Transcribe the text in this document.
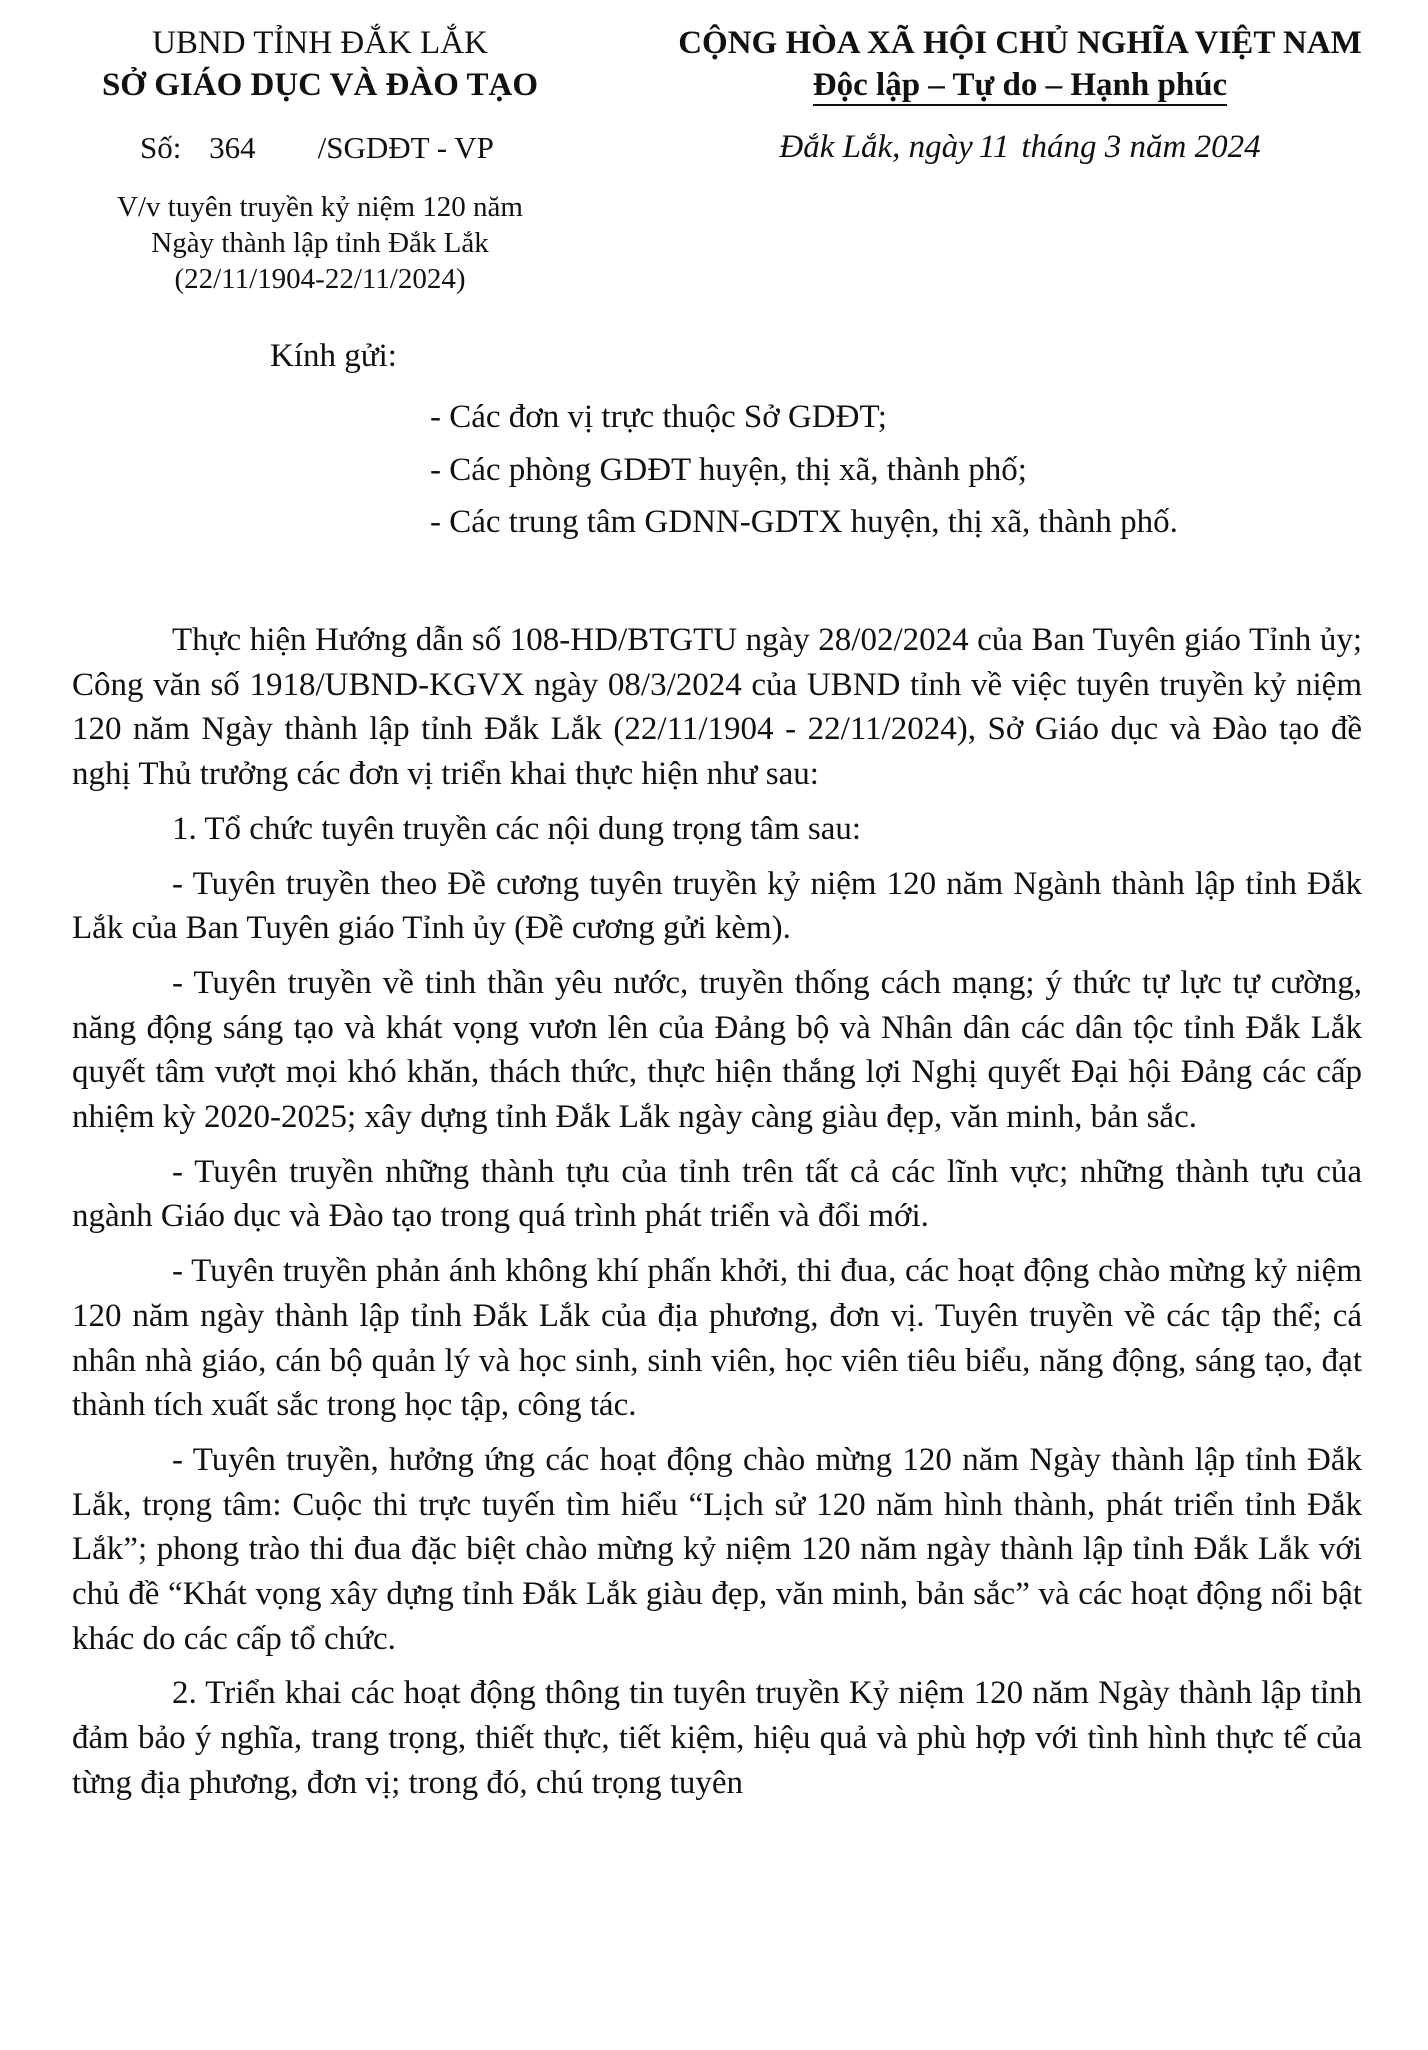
UBND TỈNH ĐẮK LẮK
SỞ GIÁO DỤC VÀ ĐÀO TẠO
Số: 364 /SGDĐT - VP
V/v tuyên truyền kỷ niệm 120 năm
Ngày thành lập tỉnh Đắk Lắk
(22/11/1904-22/11/2024)
CỘNG HÒA XÃ HỘI CHỦ NGHĨA VIỆT NAM
Độc lập – Tự do – Hạnh phúc
Đắk Lắk, ngày 11 tháng 3 năm 2024
Kính gửi:
- Các đơn vị trực thuộc Sở GDĐT;
- Các phòng GDĐT huyện, thị xã, thành phố;
- Các trung tâm GDNN-GDTX huyện, thị xã, thành phố.

Thực hiện Hướng dẫn số 108-HD/BTGTU ngày 28/02/2024 của Ban Tuyên giáo Tỉnh ủy; Công văn số 1918/UBND-KGVX ngày 08/3/2024 của UBND tỉnh về việc tuyên truyền kỷ niệm 120 năm Ngày thành lập tỉnh Đắk Lắk (22/11/1904 - 22/11/2024), Sở Giáo dục và Đào tạo đề nghị Thủ trưởng các đơn vị triển khai thực hiện như sau:

1. Tổ chức tuyên truyền các nội dung trọng tâm sau:

- Tuyên truyền theo Đề cương tuyên truyền kỷ niệm 120 năm Ngành thành lập tỉnh Đắk Lắk của Ban Tuyên giáo Tỉnh ủy (Đề cương gửi kèm).

- Tuyên truyền về tinh thần yêu nước, truyền thống cách mạng; ý thức tự lực tự cường, năng động sáng tạo và khát vọng vươn lên của Đảng bộ và Nhân dân các dân tộc tỉnh Đắk Lắk quyết tâm vượt mọi khó khăn, thách thức, thực hiện thắng lợi Nghị quyết Đại hội Đảng các cấp nhiệm kỳ 2020-2025; xây dựng tỉnh Đắk Lắk ngày càng giàu đẹp, văn minh, bản sắc.

- Tuyên truyền những thành tựu của tỉnh trên tất cả các lĩnh vực; những thành tựu của ngành Giáo dục và Đào tạo trong quá trình phát triển và đổi mới.

- Tuyên truyền phản ánh không khí phấn khởi, thi đua, các hoạt động chào mừng kỷ niệm 120 năm ngày thành lập tỉnh Đắk Lắk của địa phương, đơn vị. Tuyên truyền về các tập thể; cá nhân nhà giáo, cán bộ quản lý và học sinh, sinh viên, học viên tiêu biểu, năng động, sáng tạo, đạt thành tích xuất sắc trong học tập, công tác.

- Tuyên truyền, hưởng ứng các hoạt động chào mừng 120 năm Ngày thành lập tỉnh Đắk Lắk, trọng tâm: Cuộc thi trực tuyến tìm hiểu “Lịch sử 120 năm hình thành, phát triển tỉnh Đắk Lắk”; phong trào thi đua đặc biệt chào mừng kỷ niệm 120 năm ngày thành lập tỉnh Đắk Lắk với chủ đề “Khát vọng xây dựng tỉnh Đắk Lắk giàu đẹp, văn minh, bản sắc” và các hoạt động nổi bật khác do các cấp tổ chức.

2. Triển khai các hoạt động thông tin tuyên truyền Kỷ niệm 120 năm Ngày thành lập tỉnh đảm bảo ý nghĩa, trang trọng, thiết thực, tiết kiệm, hiệu quả và phù hợp với tình hình thực tế của từng địa phương, đơn vị; trong đó, chú trọng tuyên
